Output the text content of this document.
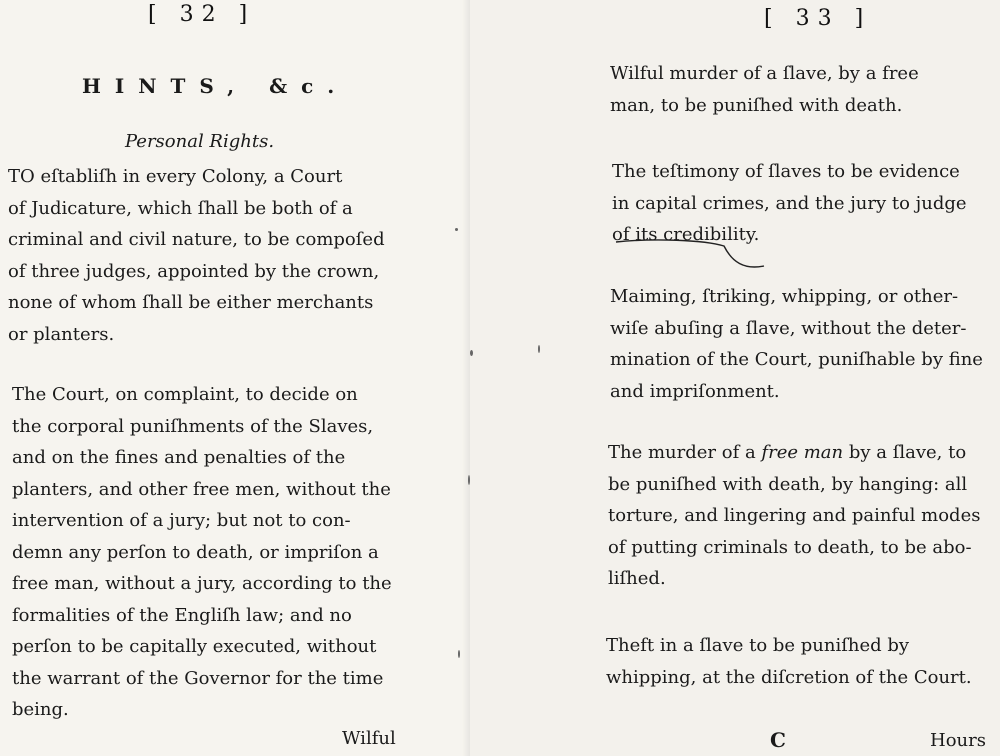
[ 32 ]
HINTS, &c.
Personal Rights.

TO eſtabliſh in every Colony, a Court
of Judicature, which ſhall be both of a
criminal and civil nature, to be compoſed
of three judges, appointed by the crown,
none of whom ſhall be either merchants
or planters.

The Court, on complaint, to decide on
the corporal puniſhments of the Slaves,
and on the fines and penalties of the
planters, and other free men, without the
intervention of a jury; but not to con-
demn any perſon to death, or impriſon a
free man, without a jury, according to the
formalities of the Engliſh law; and no
perſon to be capitally executed, without
the warrant of the Governor for the time
being.

Wilful
[ 33 ]

Wilful murder of a ſlave, by a free
man, to be puniſhed with death.

The teſtimony of ſlaves to be evidence
in capital crimes, and the jury to judge
of its credibility.

Maiming, ſtriking, whipping, or other-
wiſe abuſing a ſlave, without the deter-
mination of the Court, puniſhable by fine
and impriſonment.

The murder of a free man by a ſlave, to
be puniſhed with death, by hanging: all
torture, and lingering and painful modes
of putting criminals to death, to be abo-
liſhed.

Theft in a ſlave to be puniſhed by
whipping, at the diſcretion of the Court.

C	Hours
